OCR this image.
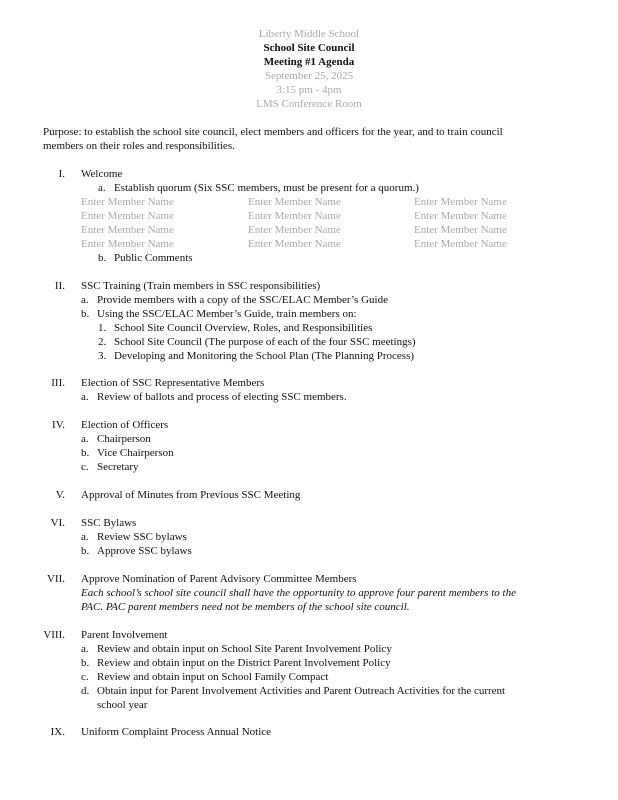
Liberty Middle School
School Site Council
Meeting #1 Agenda
September 25, 2025
3:15 pm - 4pm
LMS Conference Room
Purpose: to establish the school site council, elect members and officers for the year, and to train council
members on their roles and responsibilities.
I. Welcome
a. Establish quorum (Six SSC members, must be present for a quorum.)
Enter Member Name	Enter Member Name	Enter Member Name
Enter Member Name	Enter Member Name	Enter Member Name
Enter Member Name	Enter Member Name	Enter Member Name
Enter Member Name	Enter Member Name	Enter Member Name
b. Public Comments
II. SSC Training (Train members in SSC responsibilities)
a. Provide members with a copy of the SSC/ELAC Member’s Guide
b. Using the SSC/ELAC Member’s Guide, train members on:
1. School Site Council Overview, Roles, and Responsibilities
2. School Site Council (The purpose of each of the four SSC meetings)
3. Developing and Monitoring the School Plan (The Planning Process)
III. Election of SSC Representative Members
a. Review of ballots and process of electing SSC members.
IV. Election of Officers
a. Chairperson
b. Vice Chairperson
c. Secretary
V. Approval of Minutes from Previous SSC Meeting
VI. SSC Bylaws
a. Review SSC bylaws
b. Approve SSC bylaws
VII. Approve Nomination of Parent Advisory Committee Members
Each school’s school site council shall have the opportunity to approve four parent members to the
PAC. PAC parent members need not be members of the school site council.
VIII. Parent Involvement
a. Review and obtain input on School Site Parent Involvement Policy
b. Review and obtain input on the District Parent Involvement Policy
c. Review and obtain input on School Family Compact
d. Obtain input for Parent Involvement Activities and Parent Outreach Activities for the current
school year
IX. Uniform Complaint Process Annual Notice
